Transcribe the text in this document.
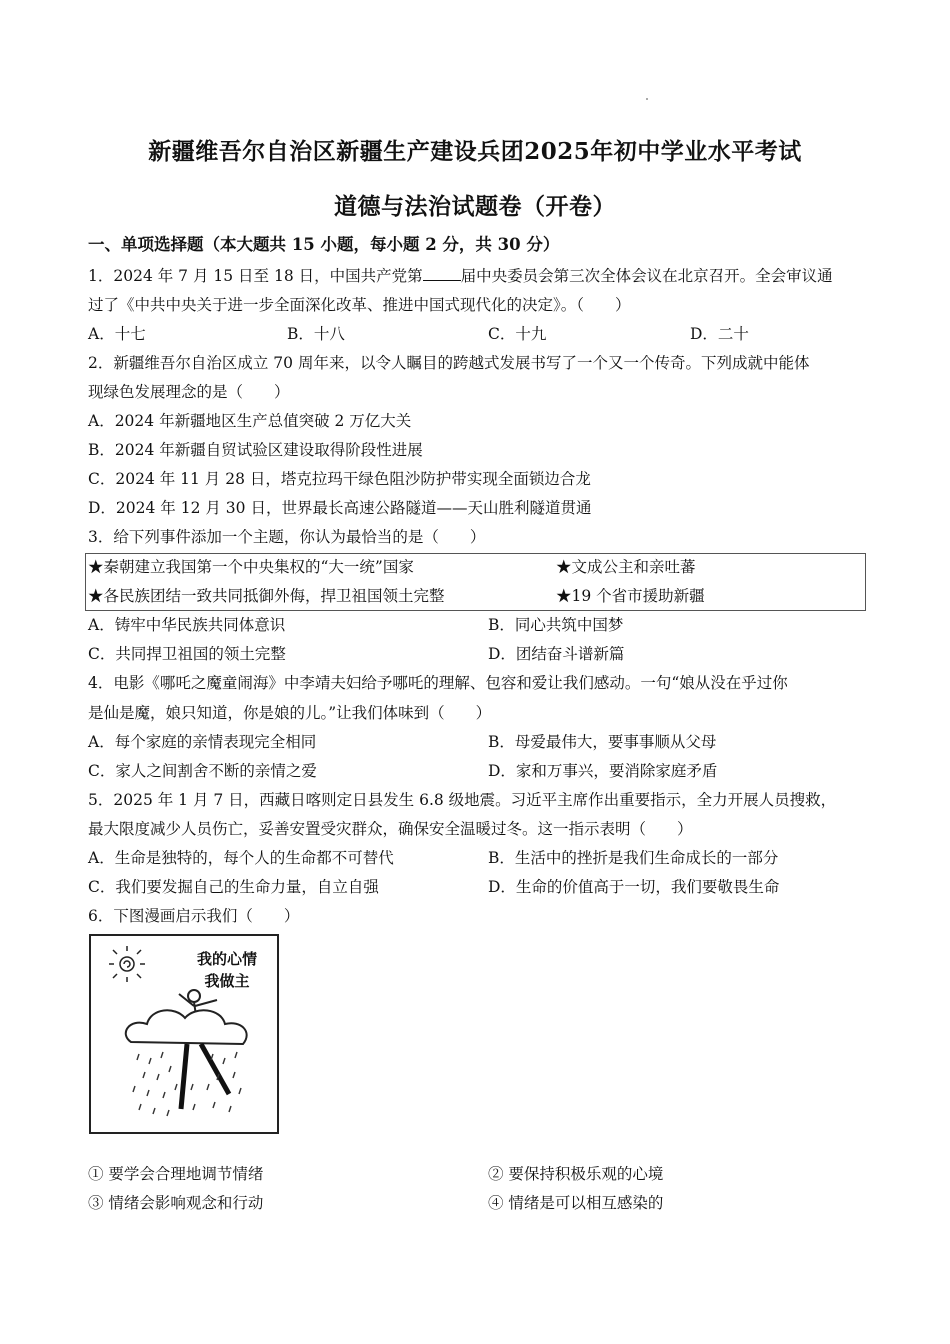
新疆维吾尔自治区新疆生产建设兵团2025年初中学业水平考试
道德与法治试题卷（开卷）
一、单项选择题（本大题共 15 小题，每小题 2 分，共 30 分）
1．2024 年 7 月 15 日至 18 日，中国共产党第 届中央委员会第三次全体会议在北京召开。全会审议通
过了《中共中央关于进一步全面深化改革、推进中国式现代化的决定》。（　　）
A．十七	B．十八	C．十九	D．二十
2．新疆维吾尔自治区成立 70 周年来，以令人瞩目的跨越式发展书写了一个又一个传奇。下列成就中能体
现绿色发展理念的是（　　）
A．2024 年新疆地区生产总值突破 2 万亿大关
B．2024 年新疆自贸试验区建设取得阶段性进展
C．2024 年 11 月 28 日，塔克拉玛干绿色阻沙防护带实现全面锁边合龙
D．2024 年 12 月 30 日，世界最长高速公路隧道——天山胜利隧道贯通
3．给下列事件添加一个主题，你认为最恰当的是（　　）
★秦朝建立我国第一个中央集权的“大一统”国家	★文成公主和亲吐蕃
★各民族团结一致共同抵御外侮，捍卫祖国领土完整	★19 个省市援助新疆
A．铸牢中华民族共同体意识	B．同心共筑中国梦
C．共同捍卫祖国的领土完整	D．团结奋斗谱新篇
4．电影《哪吒之魔童闹海》中李靖夫妇给予哪吒的理解、包容和爱让我们感动。一句“娘从没在乎过你
是仙是魔，娘只知道，你是娘的儿。”让我们体味到（　　）
A．每个家庭的亲情表现完全相同	B．母爱最伟大，要事事顺从父母
C．家人之间割舍不断的亲情之爱	D．家和万事兴，要消除家庭矛盾
5．2025 年 1 月 7 日，西藏日喀则定日县发生 6.8 级地震。习近平主席作出重要指示，全力开展人员搜救，
最大限度减少人员伤亡，妥善安置受灾群众，确保安全温暖过冬。这一指示表明（　　）
A．生命是独特的，每个人的生命都不可替代	B．生活中的挫折是我们生命成长的一部分
C．我们要发掘自己的生命力量，自立自强	D．生命的价值高于一切，我们要敬畏生命
6．下图漫画启示我们（　　）
我的心情
我做主
① 要学会合理地调节情绪	② 要保持积极乐观的心境
③ 情绪会影响观念和行动	④ 情绪是可以相互感染的
